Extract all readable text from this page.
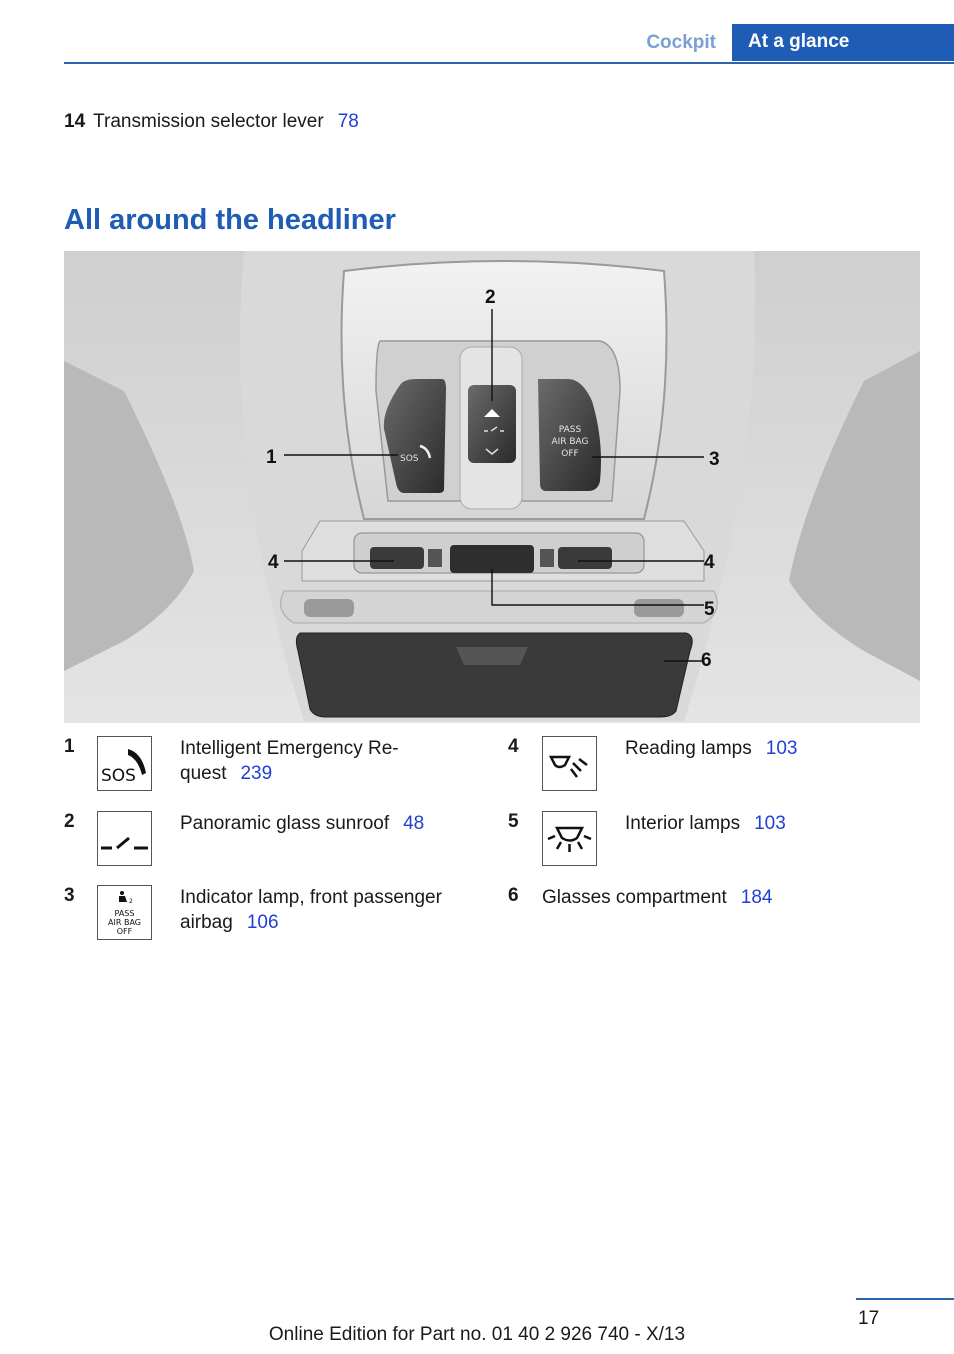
Cockpit	At a glance
14 Transmission selector lever 78
All around the headliner
SOS
PASS
AIR BAG
OFF
1
2
3
4	4
5
6
1
SOS
Intelligent Emergency Re-
quest 239
2	Panoramic glass sunroof 48
3	2
PASS
AIR BAG
OFF
Indicator lamp, front passenger
airbag 106
4	Reading lamps 103
5	Interior lamps 103
6 Glasses compartment 184
17
Online Edition for Part no. 01 40 2 926 740 - X/13
